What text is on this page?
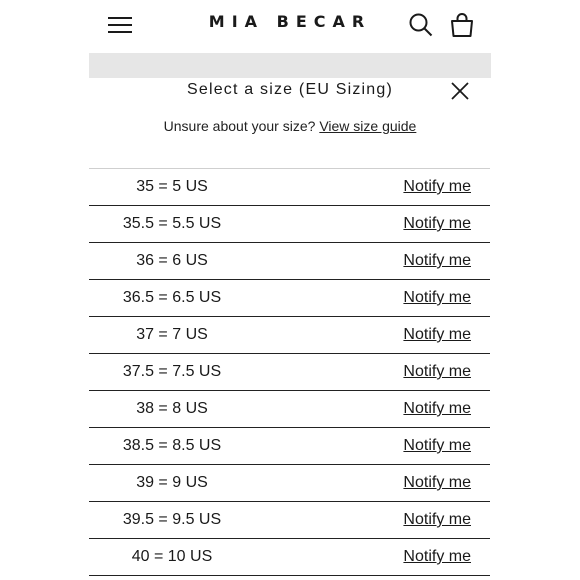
MIA BECAR
Select a size (EU Sizing)
Unsure about your size? View size guide
35 = 5 US	Notify me
35.5 = 5.5 US	Notify me
36 = 6 US	Notify me
36.5 = 6.5 US	Notify me
37 = 7 US	Notify me
37.5 = 7.5 US	Notify me
38 = 8 US	Notify me
38.5 = 8.5 US	Notify me
39 = 9 US	Notify me
39.5 = 9.5 US	Notify me
40 = 10 US	Notify me
